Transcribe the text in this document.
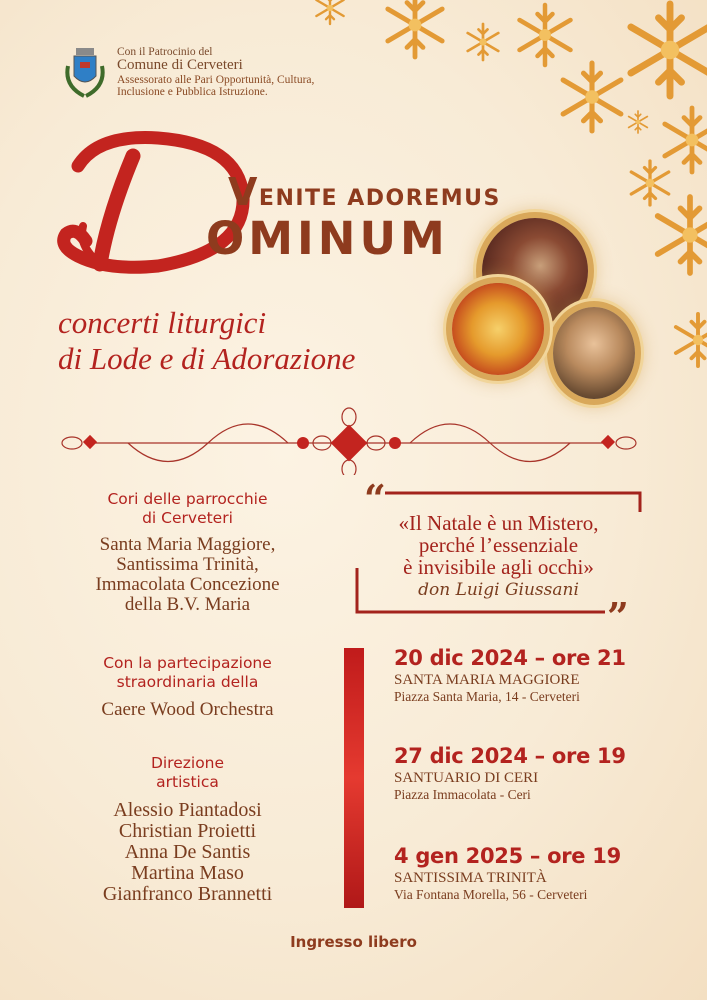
Con il Patrocinio del
Comune di Cerveteri
Assessorato alle Pari Opportunità, Cultura,
Inclusione e Pubblica Istruzione.
VENITE ADOREMUS
OMINUM
concerti liturgici
di Lode e di Adorazione
Cori delle parrocchie
di Cerveteri
Santa Maria Maggiore,
Santissima Trinità,
Immacolata Concezione
della B.V. Maria
Con la partecipazione
straordinaria della
Caere Wood Orchestra
Direzione
artistica
Alessio Piantadosi
Christian Proietti
Anna De Santis
Martina Maso
Gianfranco Brannetti
“
”
«Il Natale è un Mistero,
perché l’essenziale
è invisibile agli occhi»
don Luigi Giussani
20 dic 2024 – ore 21
SANTA MARIA MAGGIORE
Piazza Santa Maria, 14 - Cerveteri
27 dic 2024 – ore 19
SANTUARIO DI CERI
Piazza Immacolata - Ceri
4 gen 2025 – ore 19
SANTISSIMA TRINITÀ
Via Fontana Morella, 56 - Cerveteri
Ingresso libero
